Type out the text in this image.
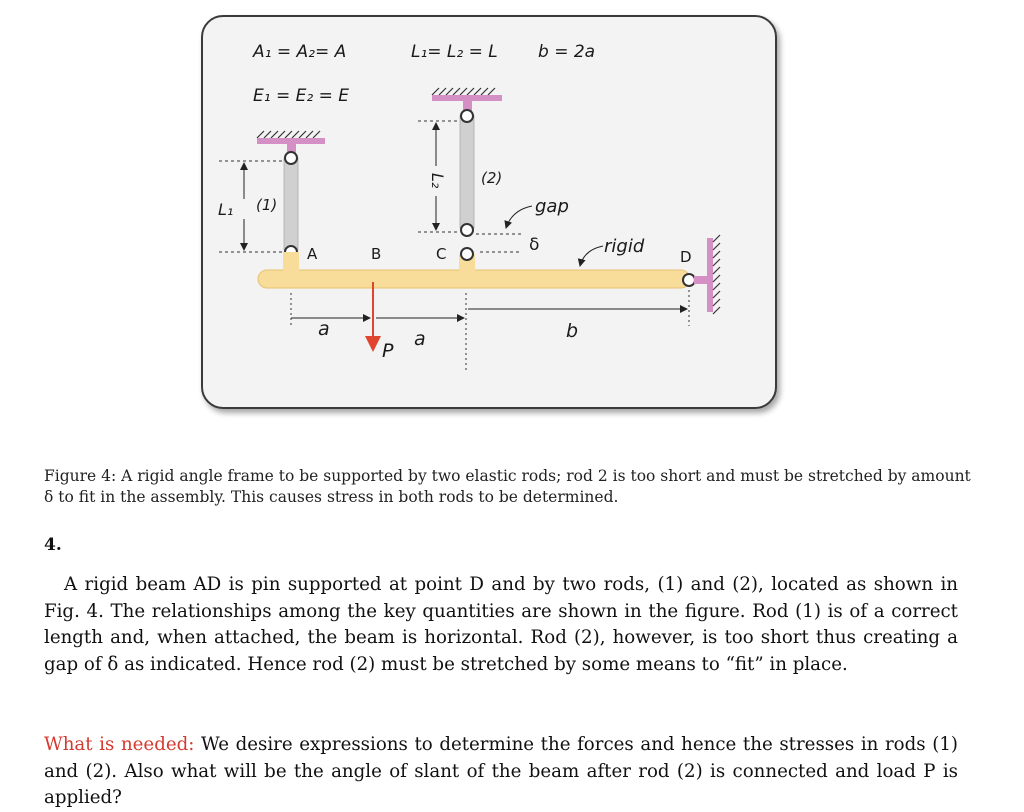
A₁ = A₂= A
E₁ = E₂ = E
L₁= L₂ = L b = 2a
L₁ (1)
L₂ (2)
gap
δ
A	B	C	D
rigid
P
a	a	b
Figure 4: A rigid angle frame to be supported by two elastic rods; rod 2 is too short and must be stretched by amount δ to fit in the assembly. This causes stress in both rods to be determined.
4.

A rigid beam AD is pin supported at point D and by two rods, (1) and (2), located as shown in Fig. 4. The relationships among the key quantities are shown in the figure. Rod (1) is of a correct length and, when attached, the beam is horizontal. Rod (2), however, is too short thus creating a gap of δ as indicated. Hence rod (2) must be stretched by some means to “fit” in place.

What is needed: We desire expressions to determine the forces and hence the stresses in rods (1) and (2). Also what will be the angle of slant of the beam after rod (2) is connected and load P is applied?
